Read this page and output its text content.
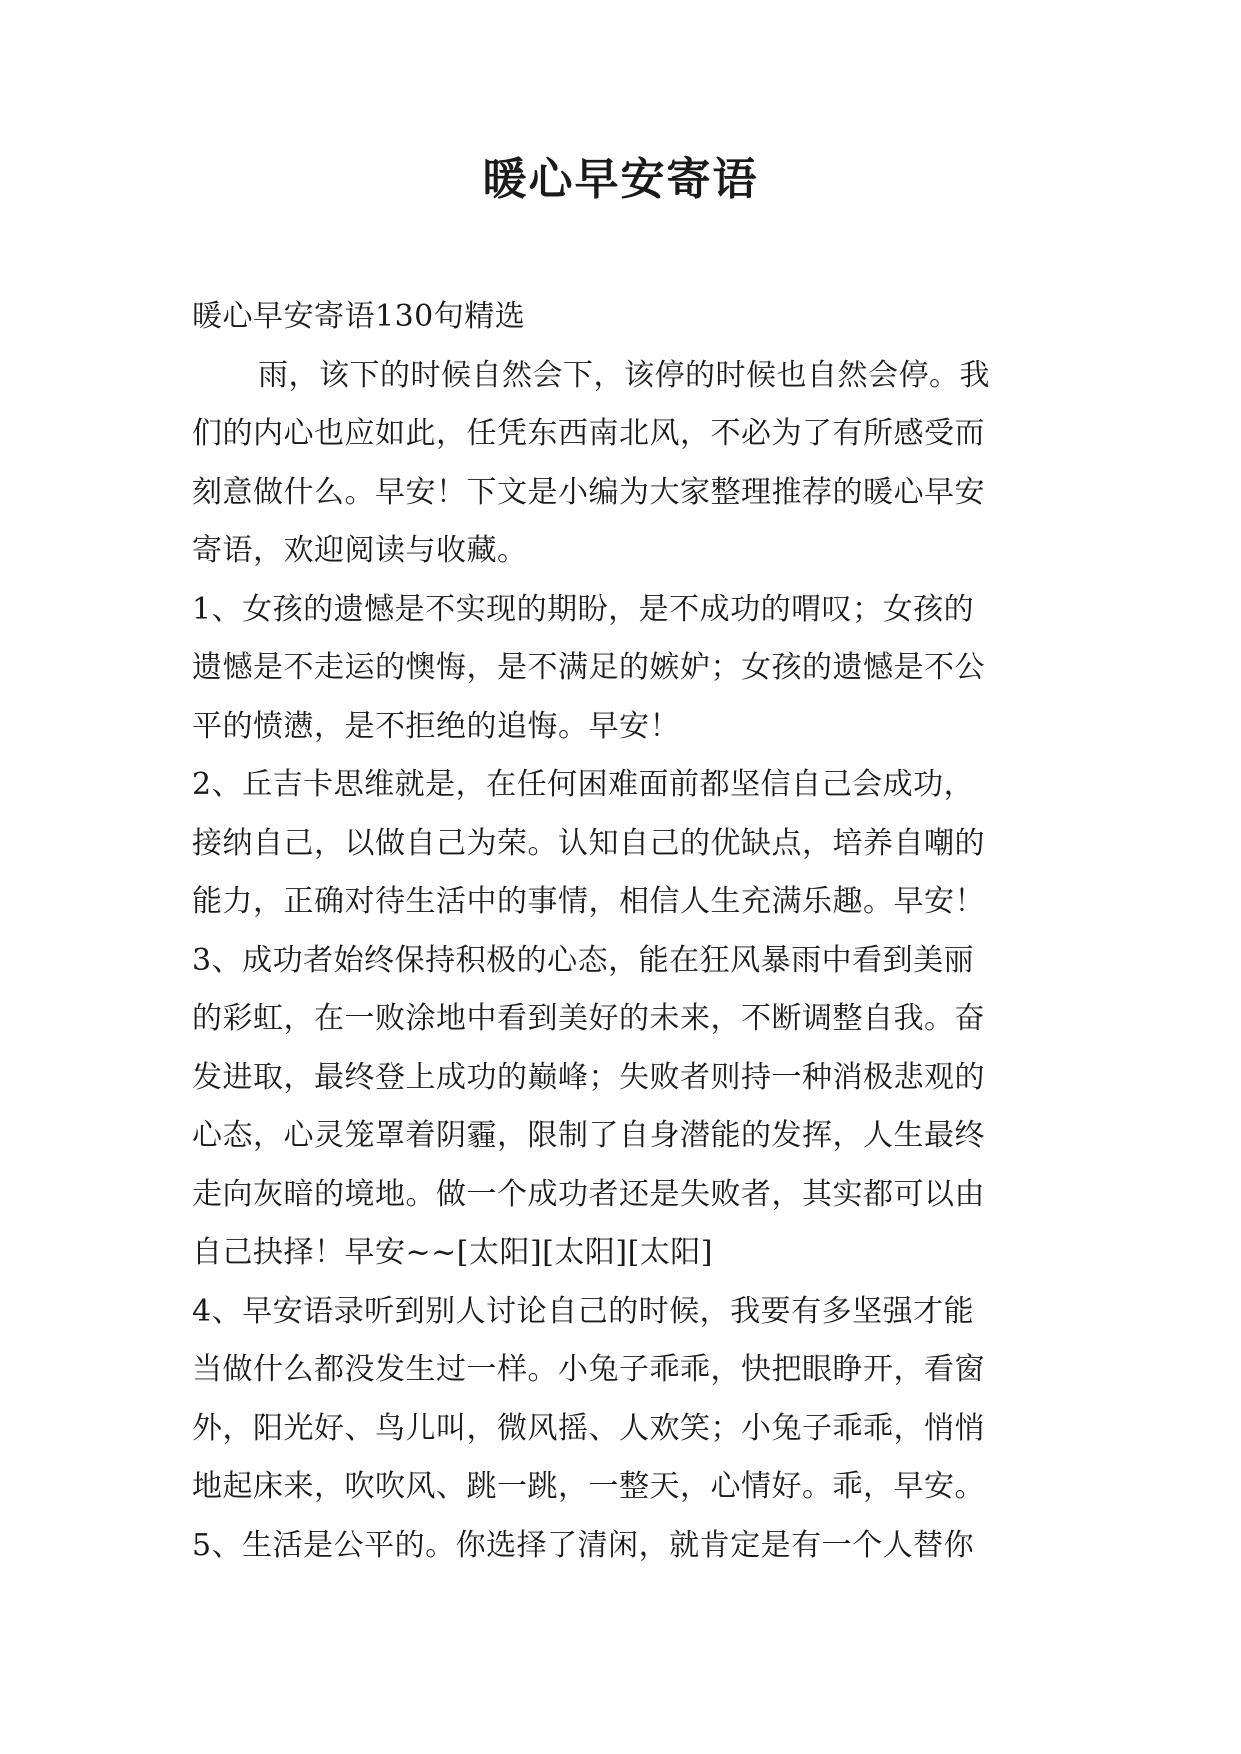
暖心早安寄语
暖心早安寄语130句精选
雨，该下的时候自然会下，该停的时候也自然会停。我
们的内心也应如此，任凭东西南北风，不必为了有所感受而
刻意做什么。早安！下文是小编为大家整理推荐的暖心早安
寄语，欢迎阅读与收藏。
1、女孩的遗憾是不实现的期盼，是不成功的喟叹；女孩的
遗憾是不走运的懊悔，是不满足的嫉妒；女孩的遗憾是不公
平的愤懑，是不拒绝的追悔。早安！
2、丘吉卡思维就是，在任何困难面前都坚信自己会成功，
接纳自己，以做自己为荣。认知自己的优缺点，培养自嘲的
能力，正确对待生活中的事情，相信人生充满乐趣。早安！
3、成功者始终保持积极的心态，能在狂风暴雨中看到美丽
的彩虹，在一败涂地中看到美好的未来，不断调整自我。奋
发进取，最终登上成功的巅峰；失败者则持一种消极悲观的
心态，心灵笼罩着阴霾，限制了自身潜能的发挥，人生最终
走向灰暗的境地。做一个成功者还是失败者，其实都可以由
自己抉择！早安~~[太阳][太阳][太阳]
4、早安语录听到别人讨论自己的时候，我要有多坚强才能
当做什么都没发生过一样。小兔子乖乖，快把眼睁开，看窗
外，阳光好、鸟儿叫，微风摇、人欢笑；小兔子乖乖，悄悄
地起床来，吹吹风、跳一跳，一整天，心情好。乖，早安。
5、生活是公平的。你选择了清闲，就肯定是有一个人替你
